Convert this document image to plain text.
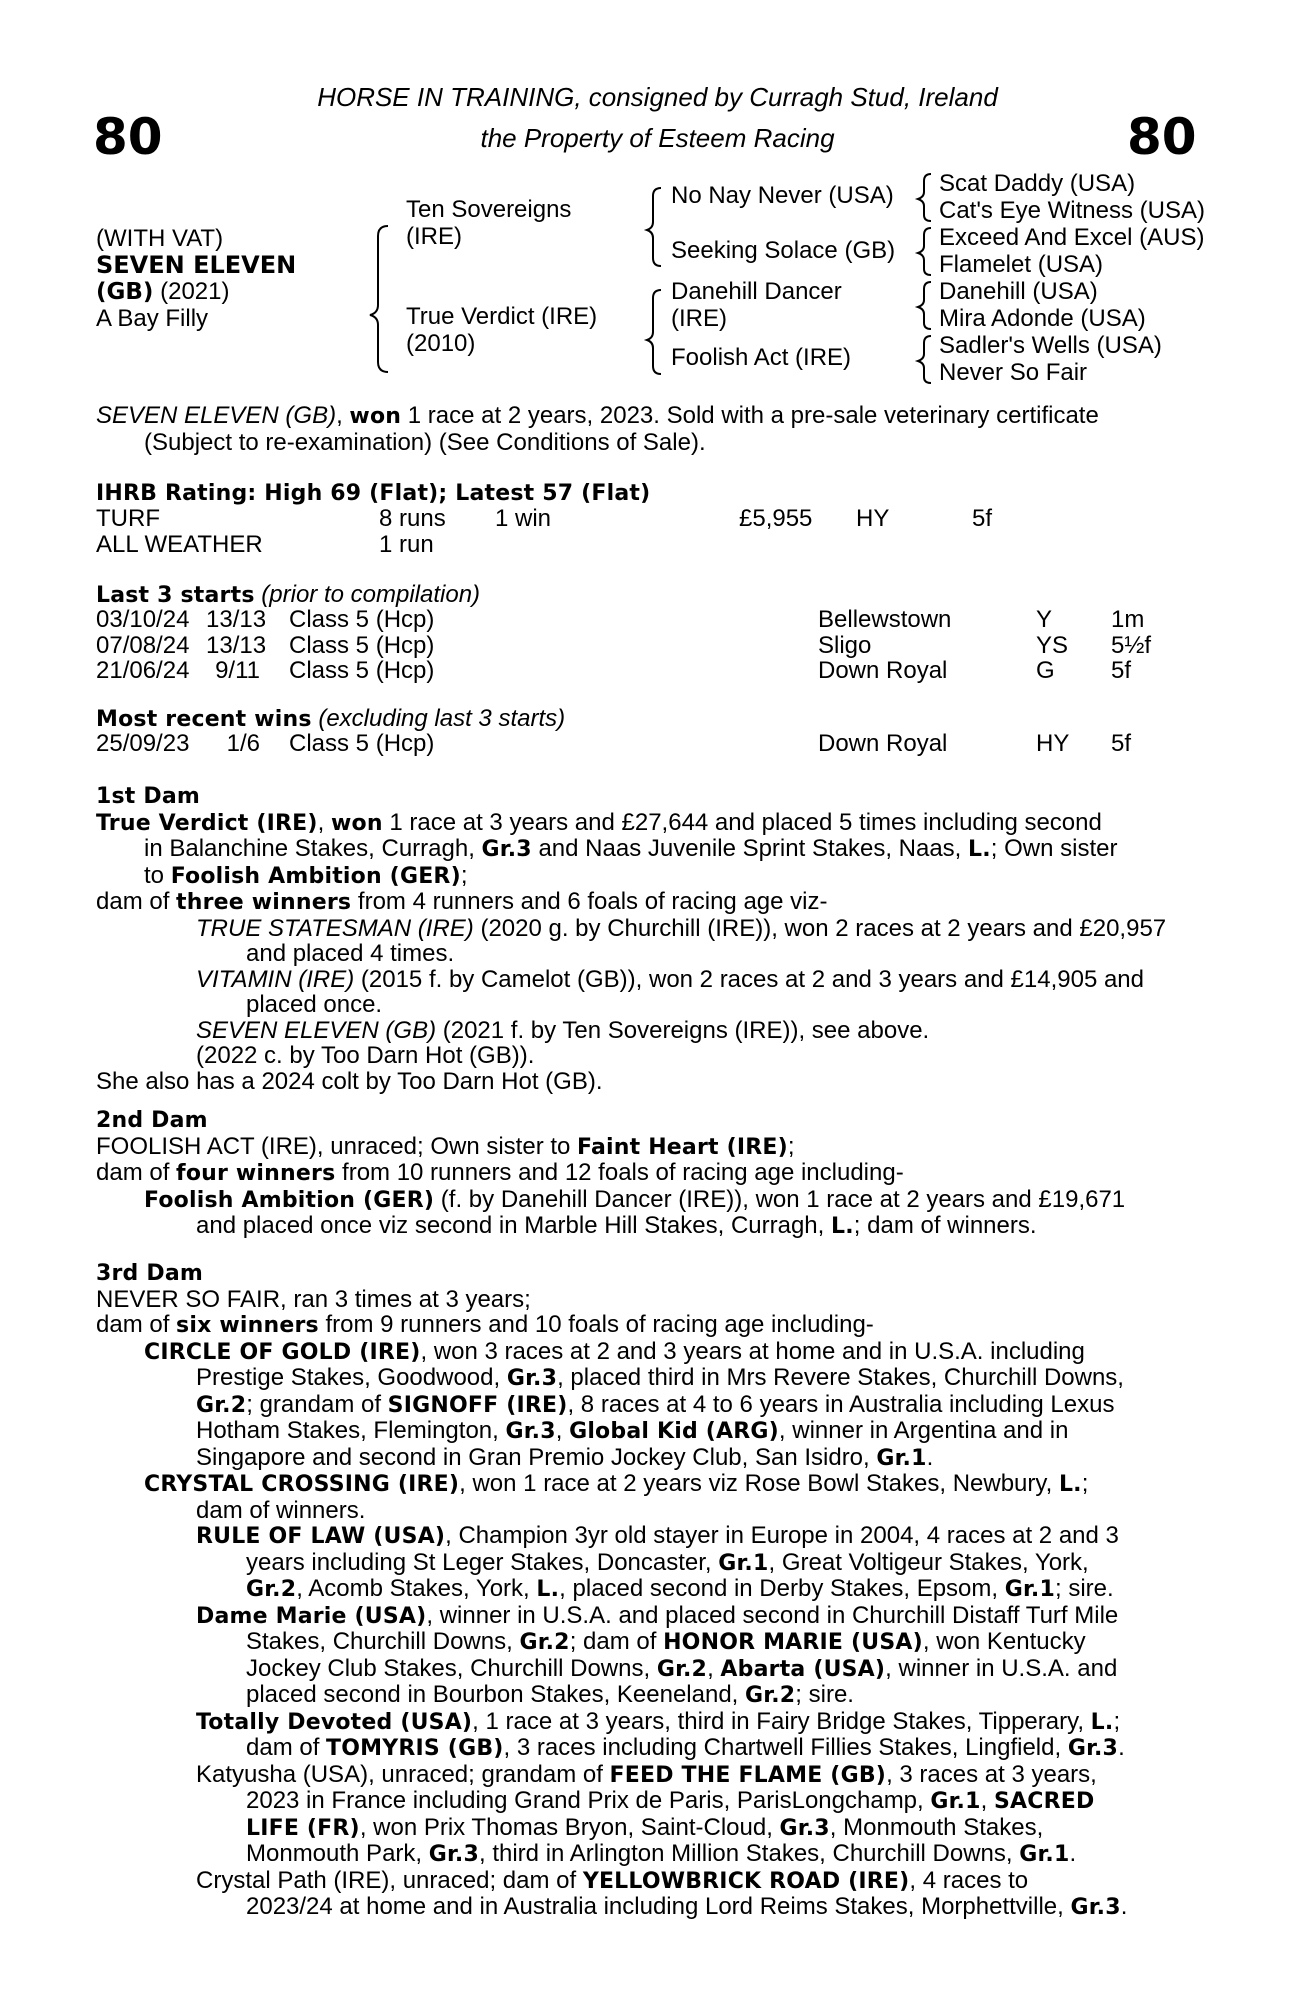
80	80
HORSE IN TRAINING, consigned by Curragh Stud, Ireland
the Property of Esteem Racing
(WITH VAT)
SEVEN ELEVEN
(GB) (2021)
A Bay Filly
Ten Sovereigns
(IRE)
True Verdict (IRE)
(2010)
No Nay Never (USA)
Seeking Solace (GB)
Danehill Dancer
(IRE)
Foolish Act (IRE)
Scat Daddy (USA)
Cat's Eye Witness (USA)
Exceed And Excel (AUS)
Flamelet (USA)
Danehill (USA)
Mira Adonde (USA)
Sadler's Wells (USA)
Never So Fair
SEVEN ELEVEN (GB), won 1 race at 2 years, 2023. Sold with a pre-sale veterinary certificate
(Subject to re-examination) (See Conditions of Sale).
IHRB Rating: High 69 (Flat); Latest 57 (Flat)
TURF	8 runs 1 win	£5,955 HY	5f
ALL WEATHER	1 run
Last 3 starts (prior to compilation)
03/10/24 13/13 Class 5 (Hcp)	Bellewstown	Y 1m
07/08/24 13/13 Class 5 (Hcp)	Sligo	YS 5½f
21/06/24	9/11 Class 5 (Hcp)	Down Royal	G 5f
Most recent wins (excluding last 3 starts)
25/09/23	1/6 Class 5 (Hcp)	Down Royal	HY 5f
1st Dam
True Verdict (IRE), won 1 race at 3 years and £27,644 and placed 5 times including second
in Balanchine Stakes, Curragh, Gr.3 and Naas Juvenile Sprint Stakes, Naas, L.; Own sister
to Foolish Ambition (GER);
dam of three winners from 4 runners and 6 foals of racing age viz-
TRUE STATESMAN (IRE) (2020 g. by Churchill (IRE)), won 2 races at 2 years and £20,957
and placed 4 times.
VITAMIN (IRE) (2015 f. by Camelot (GB)), won 2 races at 2 and 3 years and £14,905 and
placed once.
SEVEN ELEVEN (GB) (2021 f. by Ten Sovereigns (IRE)), see above.
(2022 c. by Too Darn Hot (GB)).
She also has a 2024 colt by Too Darn Hot (GB).
2nd Dam
FOOLISH ACT (IRE), unraced; Own sister to Faint Heart (IRE);
dam of four winners from 10 runners and 12 foals of racing age including-
Foolish Ambition (GER) (f. by Danehill Dancer (IRE)), won 1 race at 2 years and £19,671
and placed once viz second in Marble Hill Stakes, Curragh, L.; dam of winners.
3rd Dam
NEVER SO FAIR, ran 3 times at 3 years;
dam of six winners from 9 runners and 10 foals of racing age including-
CIRCLE OF GOLD (IRE), won 3 races at 2 and 3 years at home and in U.S.A. including
Prestige Stakes, Goodwood, Gr.3, placed third in Mrs Revere Stakes, Churchill Downs,
Gr.2; grandam of SIGNOFF (IRE), 8 races at 4 to 6 years in Australia including Lexus
Hotham Stakes, Flemington, Gr.3, Global Kid (ARG), winner in Argentina and in
Singapore and second in Gran Premio Jockey Club, San Isidro, Gr.1.
CRYSTAL CROSSING (IRE), won 1 race at 2 years viz Rose Bowl Stakes, Newbury, L.;
dam of winners.
RULE OF LAW (USA), Champion 3yr old stayer in Europe in 2004, 4 races at 2 and 3
years including St Leger Stakes, Doncaster, Gr.1, Great Voltigeur Stakes, York,
Gr.2, Acomb Stakes, York, L., placed second in Derby Stakes, Epsom, Gr.1; sire.
Dame Marie (USA), winner in U.S.A. and placed second in Churchill Distaff Turf Mile
Stakes, Churchill Downs, Gr.2; dam of HONOR MARIE (USA), won Kentucky
Jockey Club Stakes, Churchill Downs, Gr.2, Abarta (USA), winner in U.S.A. and
placed second in Bourbon Stakes, Keeneland, Gr.2; sire.
Totally Devoted (USA), 1 race at 3 years, third in Fairy Bridge Stakes, Tipperary, L.;
dam of TOMYRIS (GB), 3 races including Chartwell Fillies Stakes, Lingfield, Gr.3.
Katyusha (USA), unraced; grandam of FEED THE FLAME (GB), 3 races at 3 years,
2023 in France including Grand Prix de Paris, ParisLongchamp, Gr.1, SACRED
LIFE (FR), won Prix Thomas Bryon, Saint-Cloud, Gr.3, Monmouth Stakes,
Monmouth Park, Gr.3, third in Arlington Million Stakes, Churchill Downs, Gr.1.
Crystal Path (IRE), unraced; dam of YELLOWBRICK ROAD (IRE), 4 races to
2023/24 at home and in Australia including Lord Reims Stakes, Morphettville, Gr.3.
